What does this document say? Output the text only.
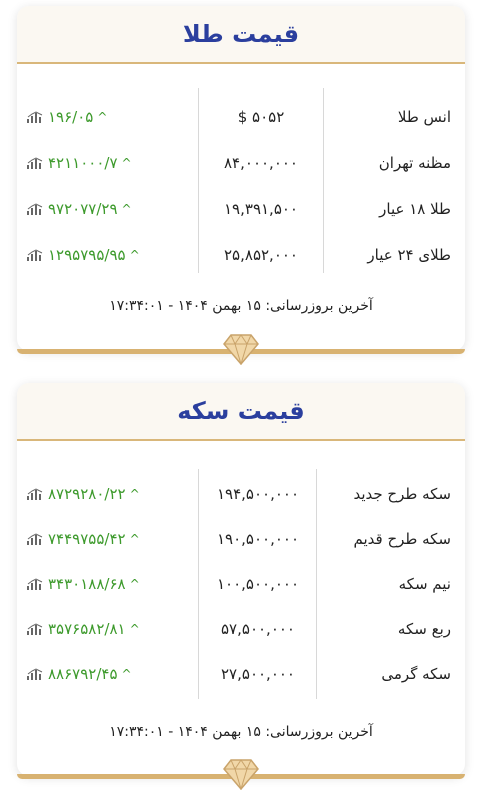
قیمت طلا
انس طلا
۵۰۵۲ $
۱۹۶/۰۵ ^
مظنه تهران
۸۴,۰۰۰,۰۰۰
۴۲۱۱۰۰۰/۷ ^
طلا ۱۸ عیار
۱۹,۳۹۱,۵۰۰
۹۷۲۰۷۷/۲۹ ^
طلای ۲۴ عیار
۲۵,۸۵۲,۰۰۰
۱۲۹۵۷۹۵/۹۵ ^
آخرین بروزرسانی: ۱۵ بهمن ۱۴۰۴ - ۱۷:۳۴:۰۱
قیمت سکه
سکه طرح جدید
۱۹۴,۵۰۰,۰۰۰
۸۷۲۹۲۸۰/۲۲ ^
سکه طرح قدیم
۱۹۰,۵۰۰,۰۰۰
۷۴۴۹۷۵۵/۴۲ ^
نیم سکه
۱۰۰,۵۰۰,۰۰۰
۳۴۳۰۱۸۸/۶۸ ^
ربع سکه
۵۷,۵۰۰,۰۰۰
۳۵۷۶۵۸۲/۸۱ ^
سکه گرمی
۲۷,۵۰۰,۰۰۰
۸۸۶۷۹۲/۴۵ ^
آخرین بروزرسانی: ۱۵ بهمن ۱۴۰۴ - ۱۷:۳۴:۰۱
